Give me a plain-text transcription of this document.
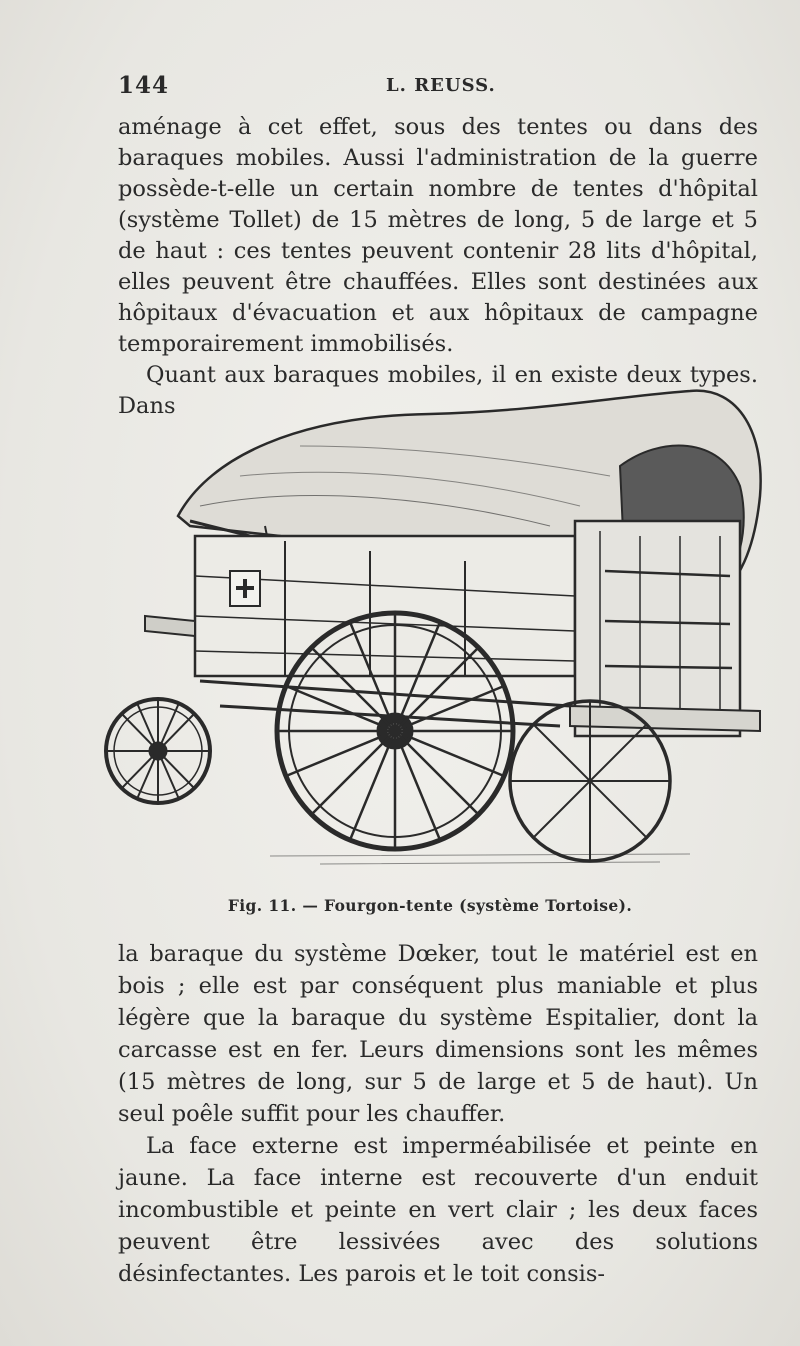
144	L. REUSS.

aménage à cet effet, sous des tentes ou dans des baraques mobiles. Aussi l'administration de la guerre possède-t-elle un certain nombre de tentes d'hôpital (système Tollet) de 15 mètres de long, 5 de large et 5 de haut : ces tentes peuvent contenir 28 lits d'hôpital, elles peuvent être chauffées. Elles sont destinées aux hôpitaux d'évacuation et aux hôpitaux de campagne temporairement immobilisés.

Quant aux baraques mobiles, il en existe deux types. Dans

Fig. 11. — Fourgon-tente (système Tortoise).

la baraque du système Dœker, tout le matériel est en bois ; elle est par conséquent plus maniable et plus légère que la baraque du système Espitalier, dont la carcasse est en fer. Leurs dimensions sont les mêmes (15 mètres de long, sur 5 de large et 5 de haut). Un seul poêle suffit pour les chauffer.

La face externe est imperméabilisée et peinte en jaune. La face interne est recouverte d'un enduit incombustible et peinte en vert clair ; les deux faces peuvent être lessivées avec des solutions désinfectantes. Les parois et le toit consis-
